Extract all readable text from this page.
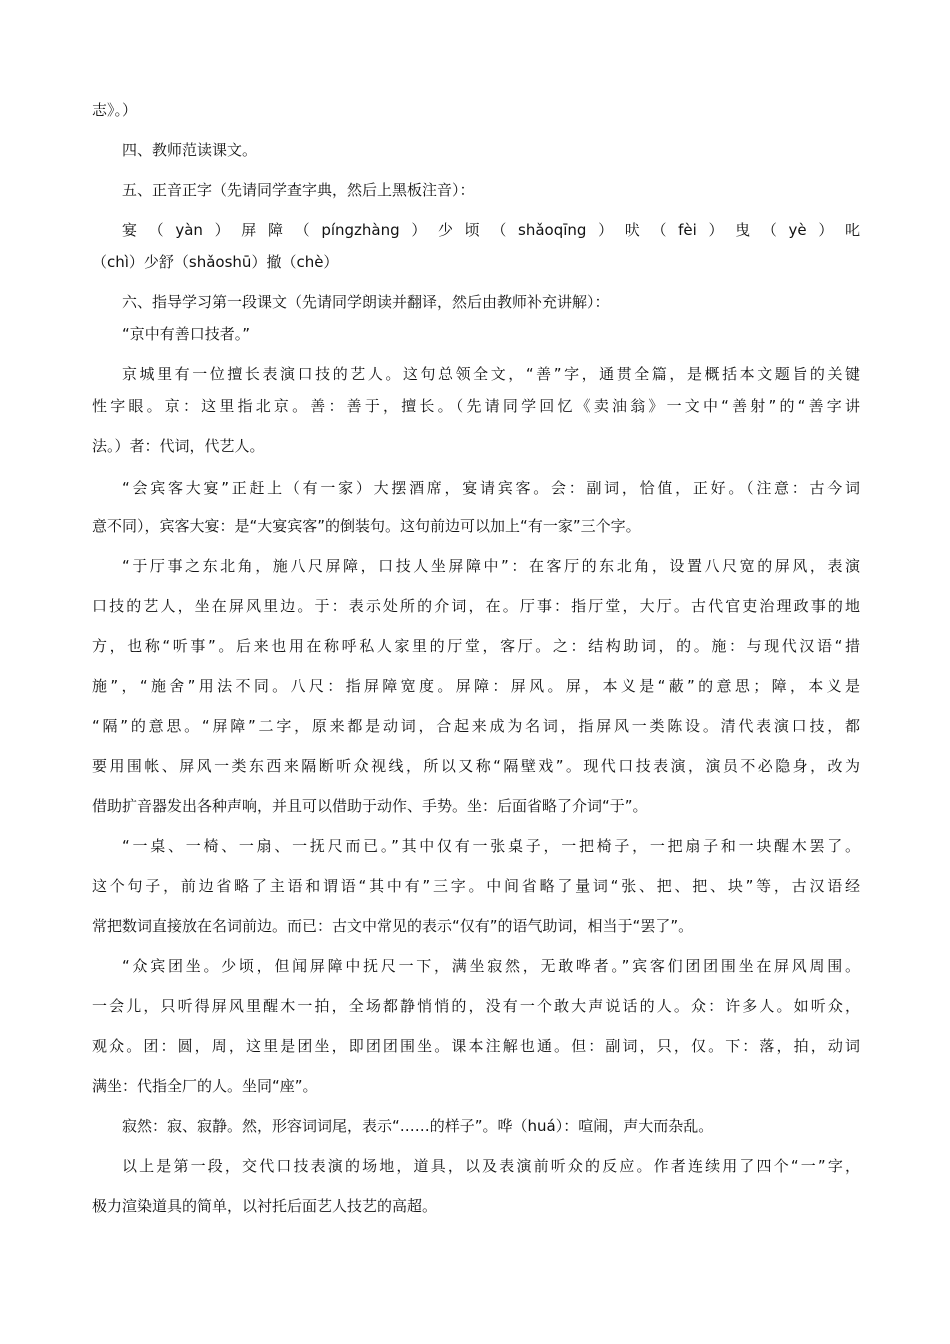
志》。）
四、教师范读课文。
五、正音正字（先请同学查字典，然后上黑板注音）：
宴（yàn）屏障（píngzhàng）少顷（shǎoqīng）吠（fèi）曳（yè）叱
（chì）少舒（shǎoshū）撤（chè）
六、指导学习第一段课文（先请同学朗读并翻译，然后由教师补充讲解）：
“京中有善口技者。”
京城里有一位擅长表演口技的艺人。这句总领全文，“善”字，通贯全篇，是概括本文题旨的关键
性字眼。京：这里指北京。善：善于，擅长。（先请同学回忆《卖油翁》一文中“善射”的“善字讲
法。）者：代词，代艺人。
“会宾客大宴”正赶上（有一家）大摆酒席，宴请宾客。会：副词，恰值，正好。（注意：古今词
意不同），宾客大宴：是“大宴宾客”的倒装句。这句前边可以加上“有一家”三个字。
“于厅事之东北角，施八尺屏障，口技人坐屏障中”：在客厅的东北角，设置八尺宽的屏风，表演
口技的艺人，坐在屏风里边。于：表示处所的介词，在。厅事：指厅堂，大厅。古代官吏治理政事的地
方，也称“听事”。后来也用在称呼私人家里的厅堂，客厅。之：结构助词，的。施：与现代汉语“措
施”，“施舍”用法不同。八尺：指屏障宽度。屏障：屏风。屏，本义是“蔽”的意思；障，本义是
“隔”的意思。“屏障”二字，原来都是动词，合起来成为名词，指屏风一类陈设。清代表演口技，都
要用围帐、屏风一类东西来隔断听众视线，所以又称“隔壁戏”。现代口技表演，演员不必隐身，改为
借助扩音器发出各种声响，并且可以借助于动作、手势。坐：后面省略了介词“于”。
“一桌、一椅、一扇、一抚尺而已。”其中仅有一张桌子，一把椅子，一把扇子和一块醒木罢了。
这个句子，前边省略了主语和谓语“其中有”三字。中间省略了量词“张、把、把、块”等，古汉语经
常把数词直接放在名词前边。而已：古文中常见的表示“仅有”的语气助词，相当于“罢了”。
“众宾团坐。少顷，但闻屏障中抚尺一下，满坐寂然，无敢哗者。”宾客们团团围坐在屏风周围。
一会儿，只听得屏风里醒木一拍，全场都静悄悄的，没有一个敢大声说话的人。众：许多人。如听众，
观众。团：圆，周，这里是团坐，即团团围坐。课本注解也通。但：副词，只，仅。下：落，拍，动词
满坐：代指全厂的人。坐同“座”。
寂然：寂、寂静。然，形容词词尾，表示“……的样子”。哗（huá）：喧闹，声大而杂乱。
以上是第一段，交代口技表演的场地，道具，以及表演前听众的反应。作者连续用了四个“一”字，
极力渲染道具的简单，以衬托后面艺人技艺的高超。
